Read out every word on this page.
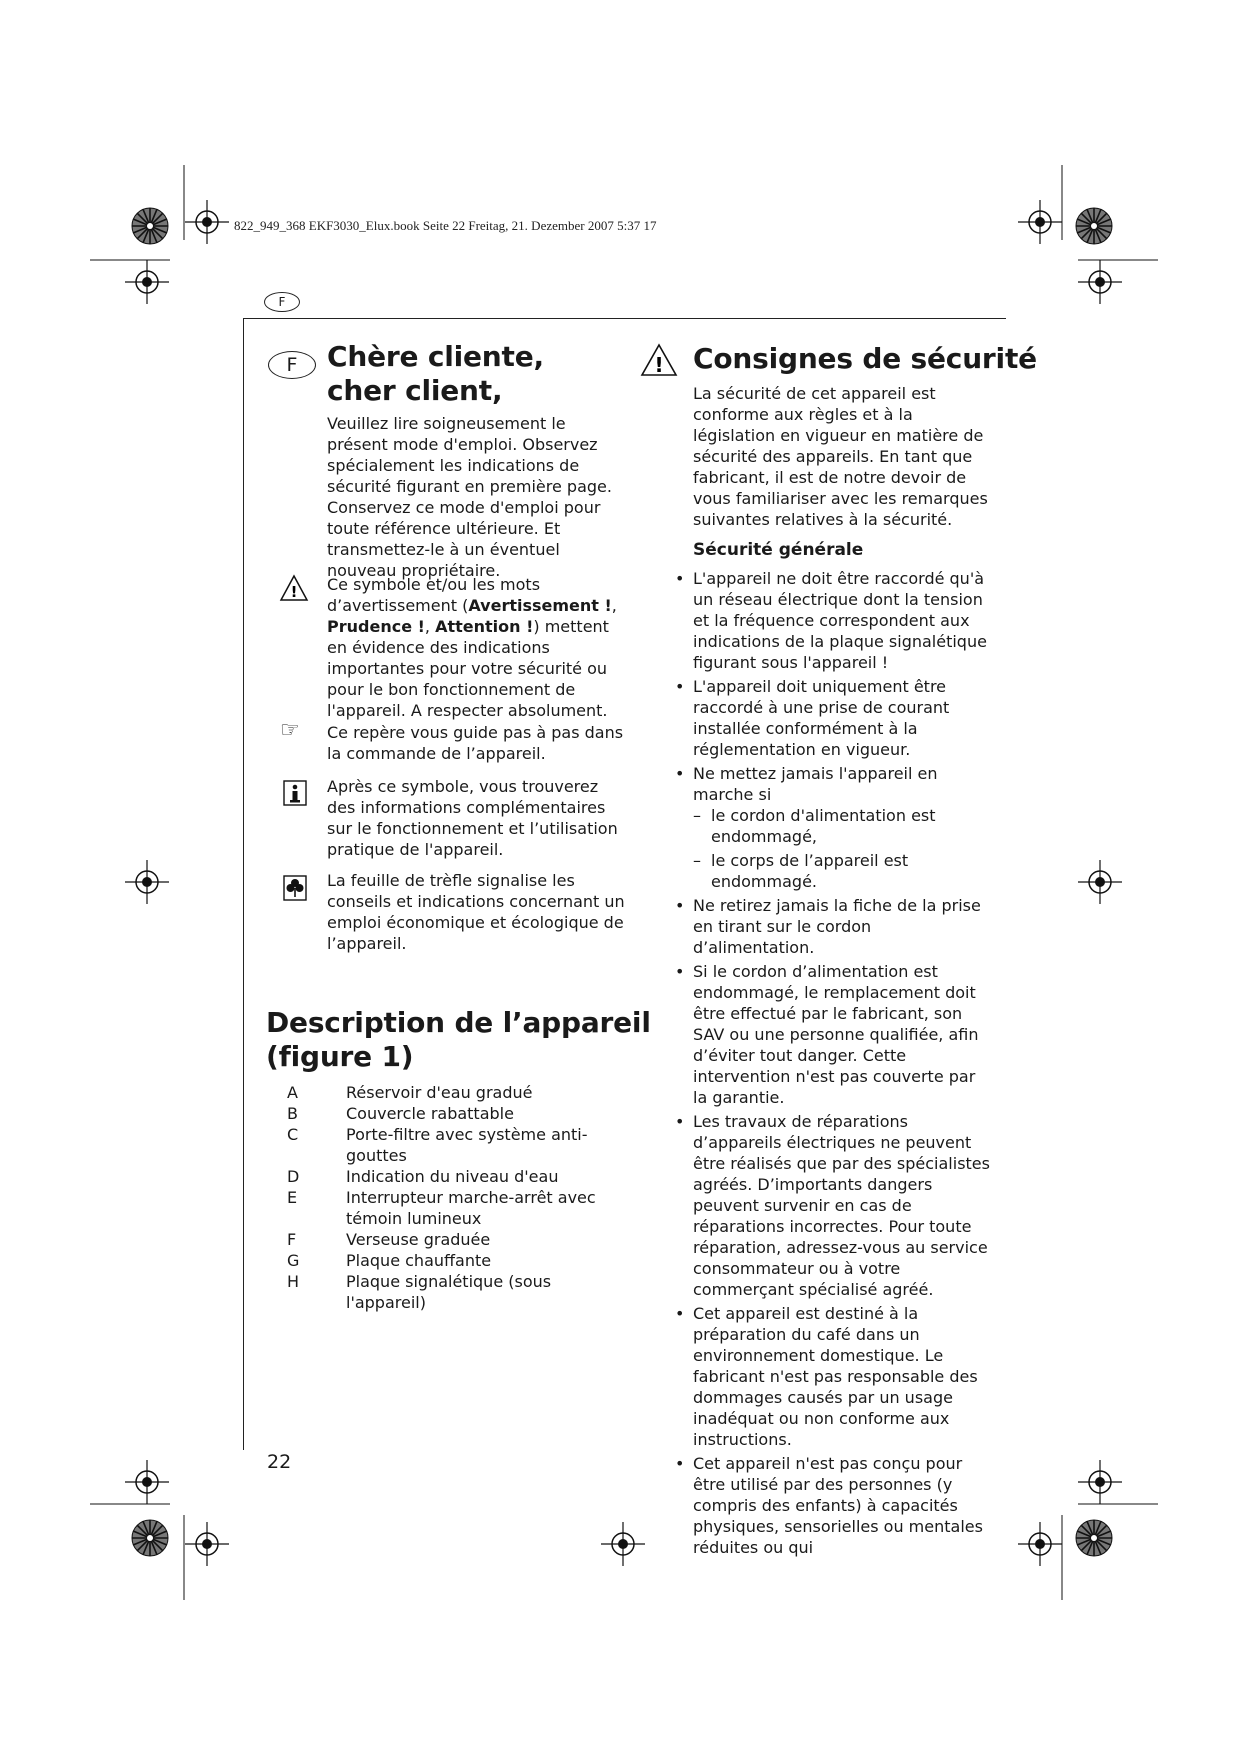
822_949_368 EKF3030_Elux.book Seite 22 Freitag, 21. Dezember 2007 5:37 17
F
F	Chère cliente,
cher client,

Veuillez lire soigneusement le présent mode d'emploi. Observez spécialement les indications de sécurité figurant en première page. Conservez ce mode d'emploi pour toute référence ultérieure. Et transmettez-le à un éventuel nouveau propriétaire.

! Ce symbole et/ou les mots d’avertissement (Avertissement !, Prudence !, Attention !) mettent en évidence des indications importantes pour votre sécurité ou pour le bon fonctionnement de l'appareil. A respecter absolument.

☞ Ce repère vous guide pas à pas dans la commande de l’appareil.

Après ce symbole, vous trouverez des informations complémentaires sur le fonctionnement et l’utilisation pratique de l'appareil.

La feuille de trèfle signalise les conseils et indications concernant un emploi économique et écologique de l’appareil.

Description de l’appareil
(figure 1)
A	Réservoir d'eau gradué
B	Couvercle rabattable
C	Porte-filtre avec système anti-gouttes
D	Indication du niveau d'eau
E	Interrupteur marche-arrêt avec témoin lumineux
F	Verseuse graduée
G	Plaque chauffante
H	Plaque signalétique (sous l'appareil)
! Consignes de sécurité

La sécurité de cet appareil est conforme aux règles et à la législation en vigueur en matière de sécurité des appareils. En tant que fabricant, il est de notre devoir de vous familiariser avec les remarques suivantes relatives à la sécurité.

Sécurité générale
• L'appareil ne doit être raccordé qu'à un réseau électrique dont la tension et la fréquence correspondent aux indications de la plaque signalétique figurant sous l'appareil !
• L'appareil doit uniquement être raccordé à une prise de courant installée conformément à la réglementation en vigueur.
• Ne mettez jamais l'appareil en marche si
– le cordon d'alimentation est endommagé,
– le corps de l’appareil est endommagé.
• Ne retirez jamais la fiche de la prise en tirant sur le cordon d’alimentation.
• Si le cordon d’alimentation est endommagé, le remplacement doit être effectué par le fabricant, son SAV ou une personne qualifiée, afin d’éviter tout danger. Cette intervention n'est pas couverte par la garantie.
• Les travaux de réparations d’appareils électriques ne peuvent être réalisés que par des spécialistes agréés. D’importants dangers peuvent survenir en cas de réparations incorrectes. Pour toute réparation, adressez-vous au service consommateur ou à votre commerçant spécialisé agréé.
• Cet appareil est destiné à la préparation du café dans un environnement domestique. Le fabricant n'est pas responsable des dommages causés par un usage inadéquat ou non conforme aux instructions.
• Cet appareil n'est pas conçu pour être utilisé par des personnes (y compris des enfants) à capacités physiques, sensorielles ou mentales réduites ou qui
22
